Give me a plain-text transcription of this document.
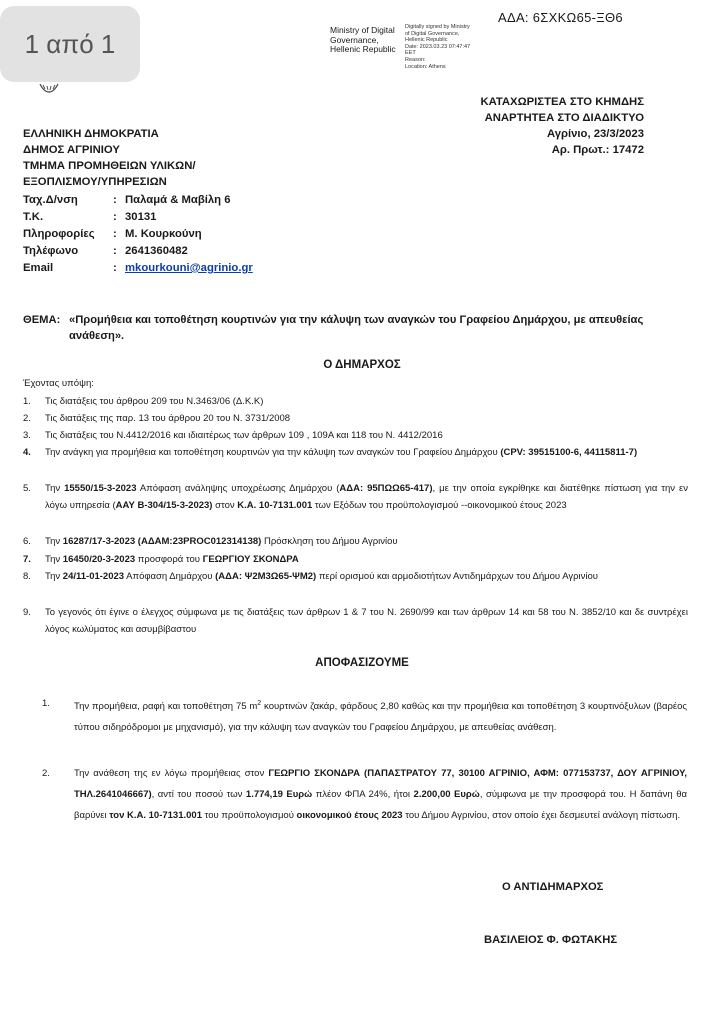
1 από 1	Ministry of Digital
Governance,
Hellenic Republic
Digitally signed by Ministry
of Digital Governance,
Hellenic Republic
Date: 2023.03.23 07:47:47
EET
Reason:
Location: Athens
ΑΔΑ: 6ΣΧΚΩ65-ΞΘ6
ΚΑΤΑΧΩΡΙΣΤΕΑ ΣΤΟ ΚΗΜΔΗΣ
ΑΝΑΡΤΗΤΕΑ ΣΤΟ ΔΙΑΔΙΚΤΥΟ
Αγρίνιο, 23/3/2023
Αρ. Πρωτ.: 17472
ΕΛΛΗΝΙΚΗ ΔΗΜΟΚΡΑΤΙΑ
ΔΗΜΟΣ ΑΓΡΙΝΙΟΥ
ΤΜΗΜΑ ΠΡΟΜΗΘΕΙΩΝ ΥΛΙΚΩΝ/
ΕΞΟΠΛΙΣΜΟΥ/ΥΠΗΡΕΣΙΩΝ
Ταχ.Δ/νση	: Παλαμά & Μαβίλη 6
Τ.Κ.	: 30131
Πληροφορίες	: Μ. Κουρκούνη
Τηλέφωνο	: 2641360482
Email	: mkourkouni@agrinio.gr
ΘΕΜΑ: «Προμήθεια και τοποθέτηση κουρτινών για την κάλυψη των αναγκών του Γραφείου Δημάρχου, με απευθείας ανάθεση».
Ο ΔΗΜΑΡΧΟΣ
Έχοντας υπόψη:
1.	Τις διατάξεις του άρθρου 209 του Ν.3463/06 (Δ.Κ.Κ)
2.	Τις διατάξεις της παρ. 13 του άρθρου 20 του Ν. 3731/2008
3.	Τις διατάξεις του Ν.4412/2016 και ιδιαιτέρως των άρθρων 109 , 109Α και 118 του Ν. 4412/2016
4.	Την ανάγκη για προμήθεια και τοποθέτηση κουρτινών για την κάλυψη των αναγκών του Γραφείου Δημάρχου (CPV: 39515100-6, 44115811-7)
5.	Την 15550/15-3-2023 Απόφαση ανάληψης υποχρέωσης Δημάρχου (ΑΔΑ: 95ΠΩΩ65-417), με την οποία εγκρίθηκε και διατέθηκε πίστωση για την εν λόγω υπηρεσία (ΑΑΥ Β-304/15-3-2023) στον Κ.Α. 10-7131.001 των Εξόδων του προϋπολογισμού --οικονομικού έτους 2023
6.	Την 16287/17-3-2023 (ΑΔΑΜ:23PROC012314138) Πρόσκληση του Δήμου Αγρινίου
7.	Την 16450/20-3-2023 προσφορά του ΓΕΩΡΓΙΟΥ ΣΚΟΝΔΡΑ
8.	Την 24/11-01-2023 Απόφαση Δημάρχου (ΑΔΑ: Ψ2Μ3Ω65-ΨΜ2) περί ορισμού και αρμοδιοτήτων Αντιδημάρχων του Δήμου Αγρινίου
9.	Το γεγονός ότι έγινε ο έλεγχος σύμφωνα με τις διατάξεις των άρθρων 1 & 7 του Ν. 2690/99 και των άρθρων 14 και 58 του Ν. 3852/10 και δε συντρέχει λόγος κωλύματος και ασυμβίβαστου
ΑΠΟΦΑΣΙΖΟΥΜΕ
1.	Την προμήθεια, ραφή και τοποθέτηση 75 $m^2$ κουρτινών ζακάρ, φάρδους 2,80 καθώς και την προμήθεια και τοποθέτηση 3 κουρτινόξυλων (βαρέος τύπου σιδηρόδρομοι με μηχανισμό), για την κάλυψη των αναγκών του Γραφείου Δημάρχου, με απευθείας ανάθεση.
2.	Την ανάθεση της εν λόγω προμήθειας στον ΓΕΩΡΓΙΟ ΣΚΟΝΔΡΑ (ΠΑΠΑΣΤΡΑΤΟΥ 77, 30100 ΑΓΡΙΝΙΟ, ΑΦΜ: 077153737, ΔΟΥ ΑΓΡΙΝΙΟΥ, ΤΗΛ.2641046667), αντί του ποσού των 1.774,19 Ευρώ πλέον ΦΠΑ 24%, ήτοι 2.200,00 Ευρώ, σύμφωνα με την προσφορά του. Η δαπάνη θα βαρύνει τον Κ.Α. 10-7131.001 του προϋπολογισμού οικονομικού έτους 2023 του Δήμου Αγρινίου, στον οποίο έχει δεσμευτεί ανάλογη πίστωση.
Ο ΑΝΤΙΔΗΜΑΡΧΟΣ
ΒΑΣΙΛΕΙΟΣ Φ. ΦΩΤΑΚΗΣ
